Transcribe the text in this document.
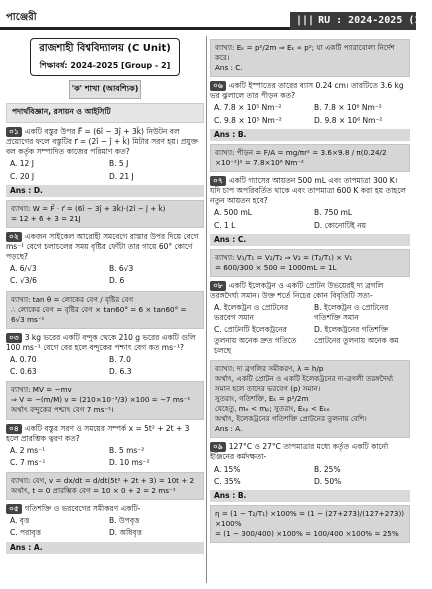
পাঞ্জেরী	||| RU : 2024-2025 (17)
রাজশাহী বিশ্ববিদ্যালয় (C Unit)
শিক্ষাবর্ষ: 2024-2025 [Group - 2]
'ক' শাখা (আবশ্যিক)
পদার্থবিজ্ঞান, রসায়ন ও আইসিটি
০১ একটি বস্তুর উপর F⃗ = (6î − 3ĵ + 3k̂) নিউটন বল প্রয়োগের ফলে বস্তুটির r⃗ = (2î − ĵ + k̂) মিটার সরণ হয়। প্রযুক্ত বল কর্তৃক সম্পাদিত কাজের পরিমাণ কত?
A. 12 J	B. 5 J
C. 20 J	D. 21 J
Ans : D.
ব্যাখ্যা: W = F⃗ · r⃗ = (6î − 3ĵ + 3k̂)·(2î − ĵ + k̂)
= 12 + 6 + 3 = 21J
০২ একজন সাইকেল আরোহী সমবেগে রাস্তার উপর দিয়ে বেগে ms⁻¹ বেগে চলাচলের সময় বৃষ্টির ফোঁটা তার গায়ে 60° কোণে পড়ছে?
A. 6/√3	B. 6√3
C. √3/6	D. 6
ব্যাখ্যা: tan θ = লোকের বেগ / বৃষ্টির বেগ
∴ লোকের বেগ = বৃষ্টির বেগ × tan60° = 6 × tan60° = 6√3 ms⁻¹
০৩ 3 kg ভরের একটি বন্দুক থেকে 210 g ভরের একটি গুলি 100 ms⁻¹ বেগে বের হলে বন্দুকের পশ্চাৎ বেগ কত ms⁻¹?
A. 0.70	B. 7.0
C. 0.63	D. 6.3
ব্যাখ্যা: MV = −mv
⇒ V = −(m/M) v = (210×10⁻³/3) ×100 = −7 ms⁻¹
অর্থাৎ বন্দুকের পশ্চাৎ বেগ 7 ms⁻¹।
০৪ একটি বস্তুর সরণ ও সময়ের সম্পর্ক x = 5t² + 2t + 3 হলে প্রারম্ভিক ত্বরণ কত?
A. 2 ms⁻¹	B. 5 ms⁻²
C. 7 ms⁻¹	D. 10 ms⁻²
ব্যাখ্যা: বেগ, v = dx/dt = d/dt(5t² + 2t + 3) = 10t + 2
অর্থাৎ, t = 0 প্রারম্ভিক বেগ = 10 × 0 + 2 = 2 ms⁻¹
০৫ গতিশক্তি ও ভরবেগের সমীকরণ একটি-
A. বৃত্ত	B. উপবৃত্ত
C. পরাবৃত্ত	D. অধিবৃত্ত
Ans : A.
ব্যাখ্যা: Eₖ = p²/2m ⇒ Eₖ ∝ p²; যা একটি প্যারাবোলা নির্দেশ করে।
Ans : C.
০৬ একটি ইস্পাতের তারের ব্যাস 0.24 cm। তারটিতে 3.6 kg ভর ঝুলালে তার পীড়ন কত?
A. 7.8 × 10⁵ Nm⁻²	B. 7.8 × 10⁶ Nm⁻²
C. 9.8 × 10⁵ Nm⁻²	D. 9.8 × 10⁶ Nm⁻²
Ans : B.
ব্যাখ্যা: পীড়ন = F/A = mg/πr² = 3.6×9.8 / π(0.24/2 ×10⁻²)² = 7.8×10⁶ Nm⁻²
০৭ একটি গ্যাসের আয়তন 500 mL এবং তাপমাত্রা 300 K। যদি চাপ অপরিবর্তিত থাকে এবং তাপমাত্রা 600 K করা হয় তাহলে নতুন আয়তন হবে?
A. 500 mL	B. 750 mL
C. 1 L	D. কোনোটিই নয়
Ans : C.
ব্যাখ্যা: V₁/T₁ = V₂/T₂ ⇒ V₂ = (T₂/T₁) × V₁
= 600/300 × 500 = 1000mL = 1L
০৮ একটি ইলেকট্রন ও একটি প্রোটন উভয়েরই দ্য ব্রগলি তরঙ্গদৈর্ঘ্য সমান। উক্ত শর্তে নিচের কোন বিবৃতিটি সত্য-
A. ইলেকট্রন ও প্রোটনের ভরবেগ সমান
B. ইলেকট্রন ও প্রোটনের গতিশক্তি সমান
C. প্রোটনটি ইলেকট্রনের তুলনায় অনেক দ্রুত গতিতে চলছে
D. ইলেকট্রনের গতিশক্তি প্রোটনের তুলনায় অনেক কম
ব্যাখ্যা: দ্য ব্রগলির সমীকরণ, λ = h/p
অর্থাৎ, একটি প্রোটন ও একটি ইলেকট্রনের দ্য-ব্রগলী তরঙ্গদৈর্ঘ্য সমান হলে তাদের ভরবেগ (p) সমান।
সুতরাং, গতিশক্তি, Eₖ = p²/2m
যেহেতু, mₑ < mₚ; সুতরাং, Eₖₚ < Eₖₑ
অর্থাৎ, ইলেকট্রনের গতিশক্তি প্রোটনের তুলনায় বেশি।
Ans : A.
০৯ 127°C ও 27°C তাপমাত্রার মধ্যে কর্তৃত একটি কার্নো ইঞ্জিনের কর্মদক্ষতা-
A. 15%	B. 25%
C. 35%	D. 50%
Ans : B.
η = (1 − T₂/T₁) ×100% = (1 − (27+273)/(127+273)) ×100%
= (1 − 300/400) ×100% = 100/400 ×100% = 25%
